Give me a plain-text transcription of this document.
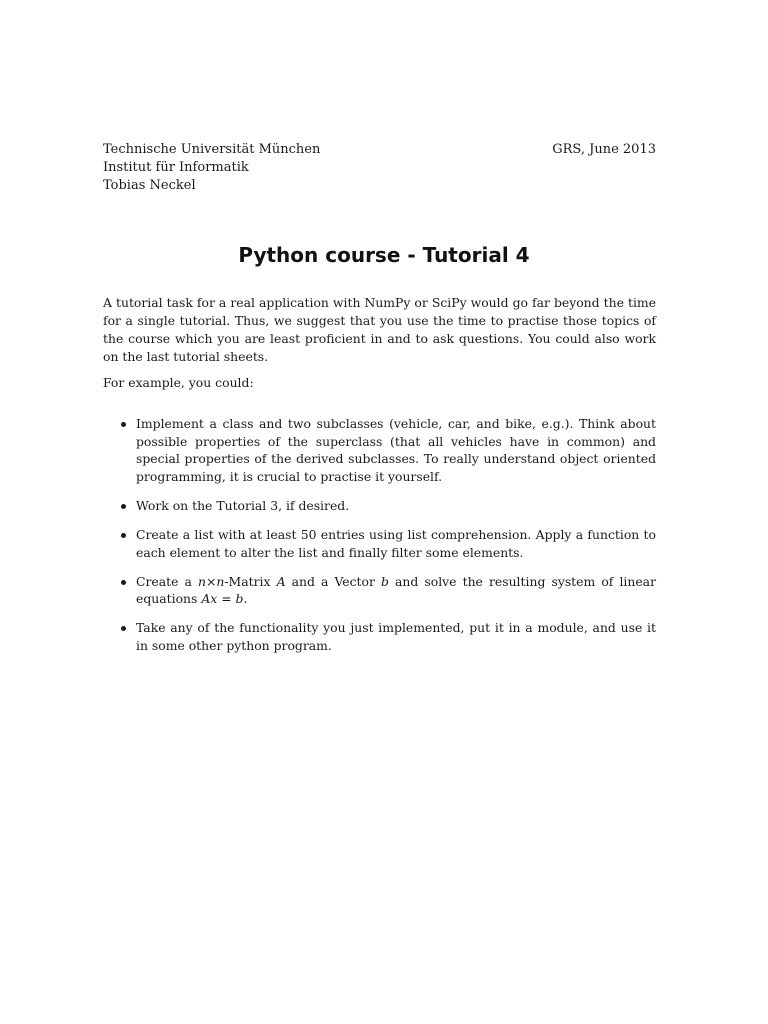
Technische Universität München
Institut für Informatik
Tobias Neckel
GRS, June 2013
Python course - Tutorial 4

A tutorial task for a real application with NumPy or SciPy would go far beyond the time for a single tutorial. Thus, we suggest that you use the time to practise those topics of the course which you are least proficient in and to ask questions. You could also work on the last tutorial sheets.

For example, you could:

Implement a class and two subclasses (vehicle, car, and bike, e.g.). Think about possible properties of the superclass (that all vehicles have in common) and special properties of the derived subclasses. To really understand object oriented programming, it is crucial to practise it yourself.
Work on the Tutorial 3, if desired.
Create a list with at least 50 entries using list comprehension. Apply a function to each element to alter the list and finally filter some elements.
Create a n×n-Matrix A and a Vector b and solve the resulting system of linear equations Ax = b.
Take any of the functionality you just implemented, put it in a module, and use it in some other python program.
